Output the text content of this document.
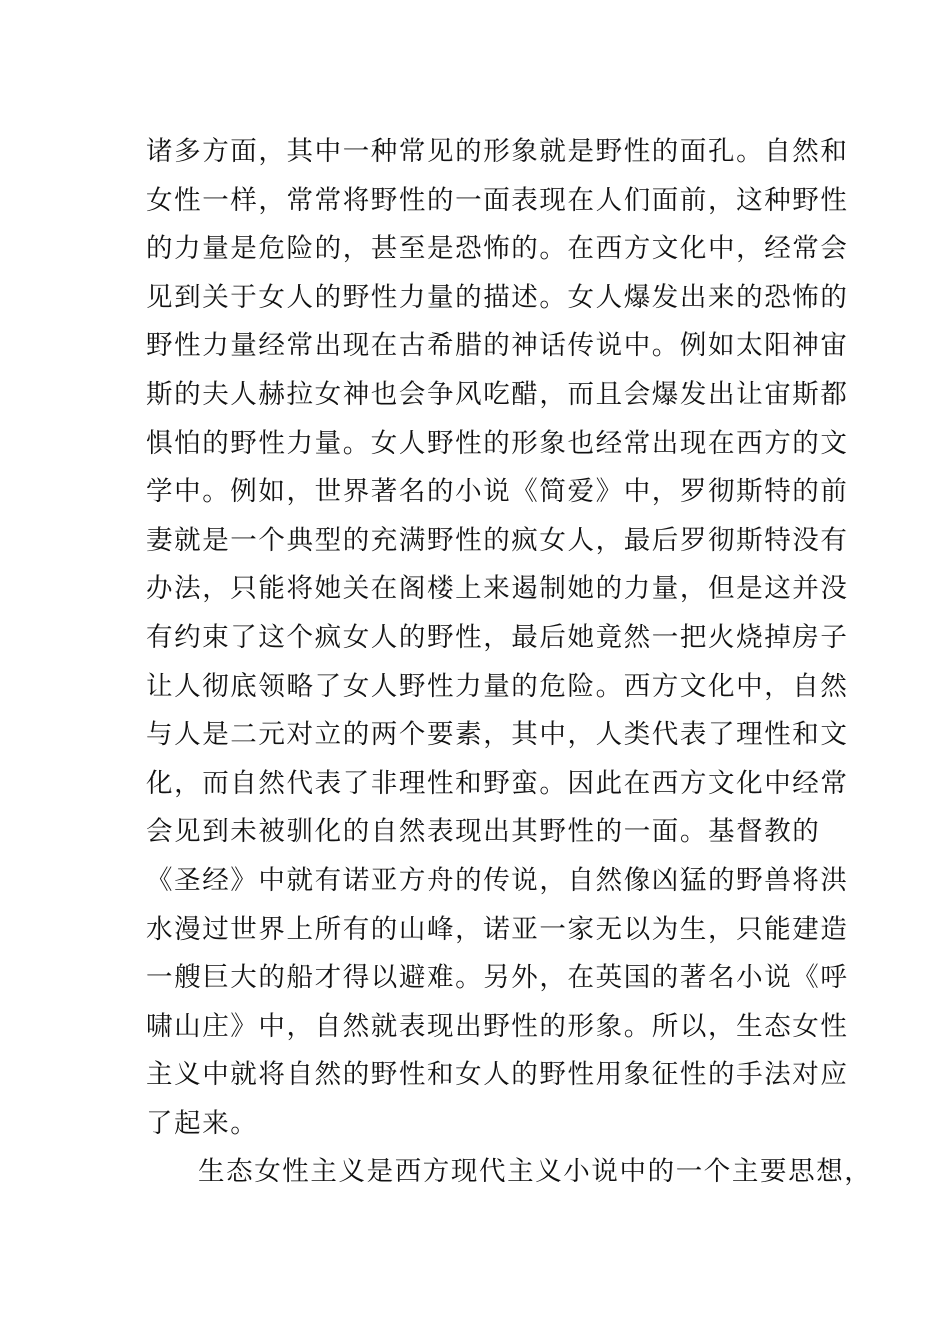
诸多方面，其中一种常见的形象就是野性的面孔。自然和
女性一样，常常将野性的一面表现在人们面前，这种野性
的力量是危险的，甚至是恐怖的。在西方文化中，经常会
见到关于女人的野性力量的描述。女人爆发出来的恐怖的
野性力量经常出现在古希腊的神话传说中。例如太阳神宙
斯的夫人赫拉女神也会争风吃醋，而且会爆发出让宙斯都
惧怕的野性力量。女人野性的形象也经常出现在西方的文
学中。例如，世界著名的小说《简爱》中，罗彻斯特的前
妻就是一个典型的充满野性的疯女人，最后罗彻斯特没有
办法，只能将她关在阁楼上来遏制她的力量，但是这并没
有约束了这个疯女人的野性，最后她竟然一把火烧掉房子
让人彻底领略了女人野性力量的危险。西方文化中，自然
与人是二元对立的两个要素，其中，人类代表了理性和文
化，而自然代表了非理性和野蛮。因此在西方文化中经常
会见到未被驯化的自然表现出其野性的一面。基督教的
《圣经》中就有诺亚方舟的传说，自然像凶猛的野兽将洪
水漫过世界上所有的山峰，诺亚一家无以为生，只能建造
一艘巨大的船才得以避难。另外，在英国的著名小说《呼
啸山庄》中，自然就表现出野性的形象。所以，生态女性
主义中就将自然的野性和女人的野性用象征性的手法对应
了起来。
生态女性主义是西方现代主义小说中的一个主要思想，
